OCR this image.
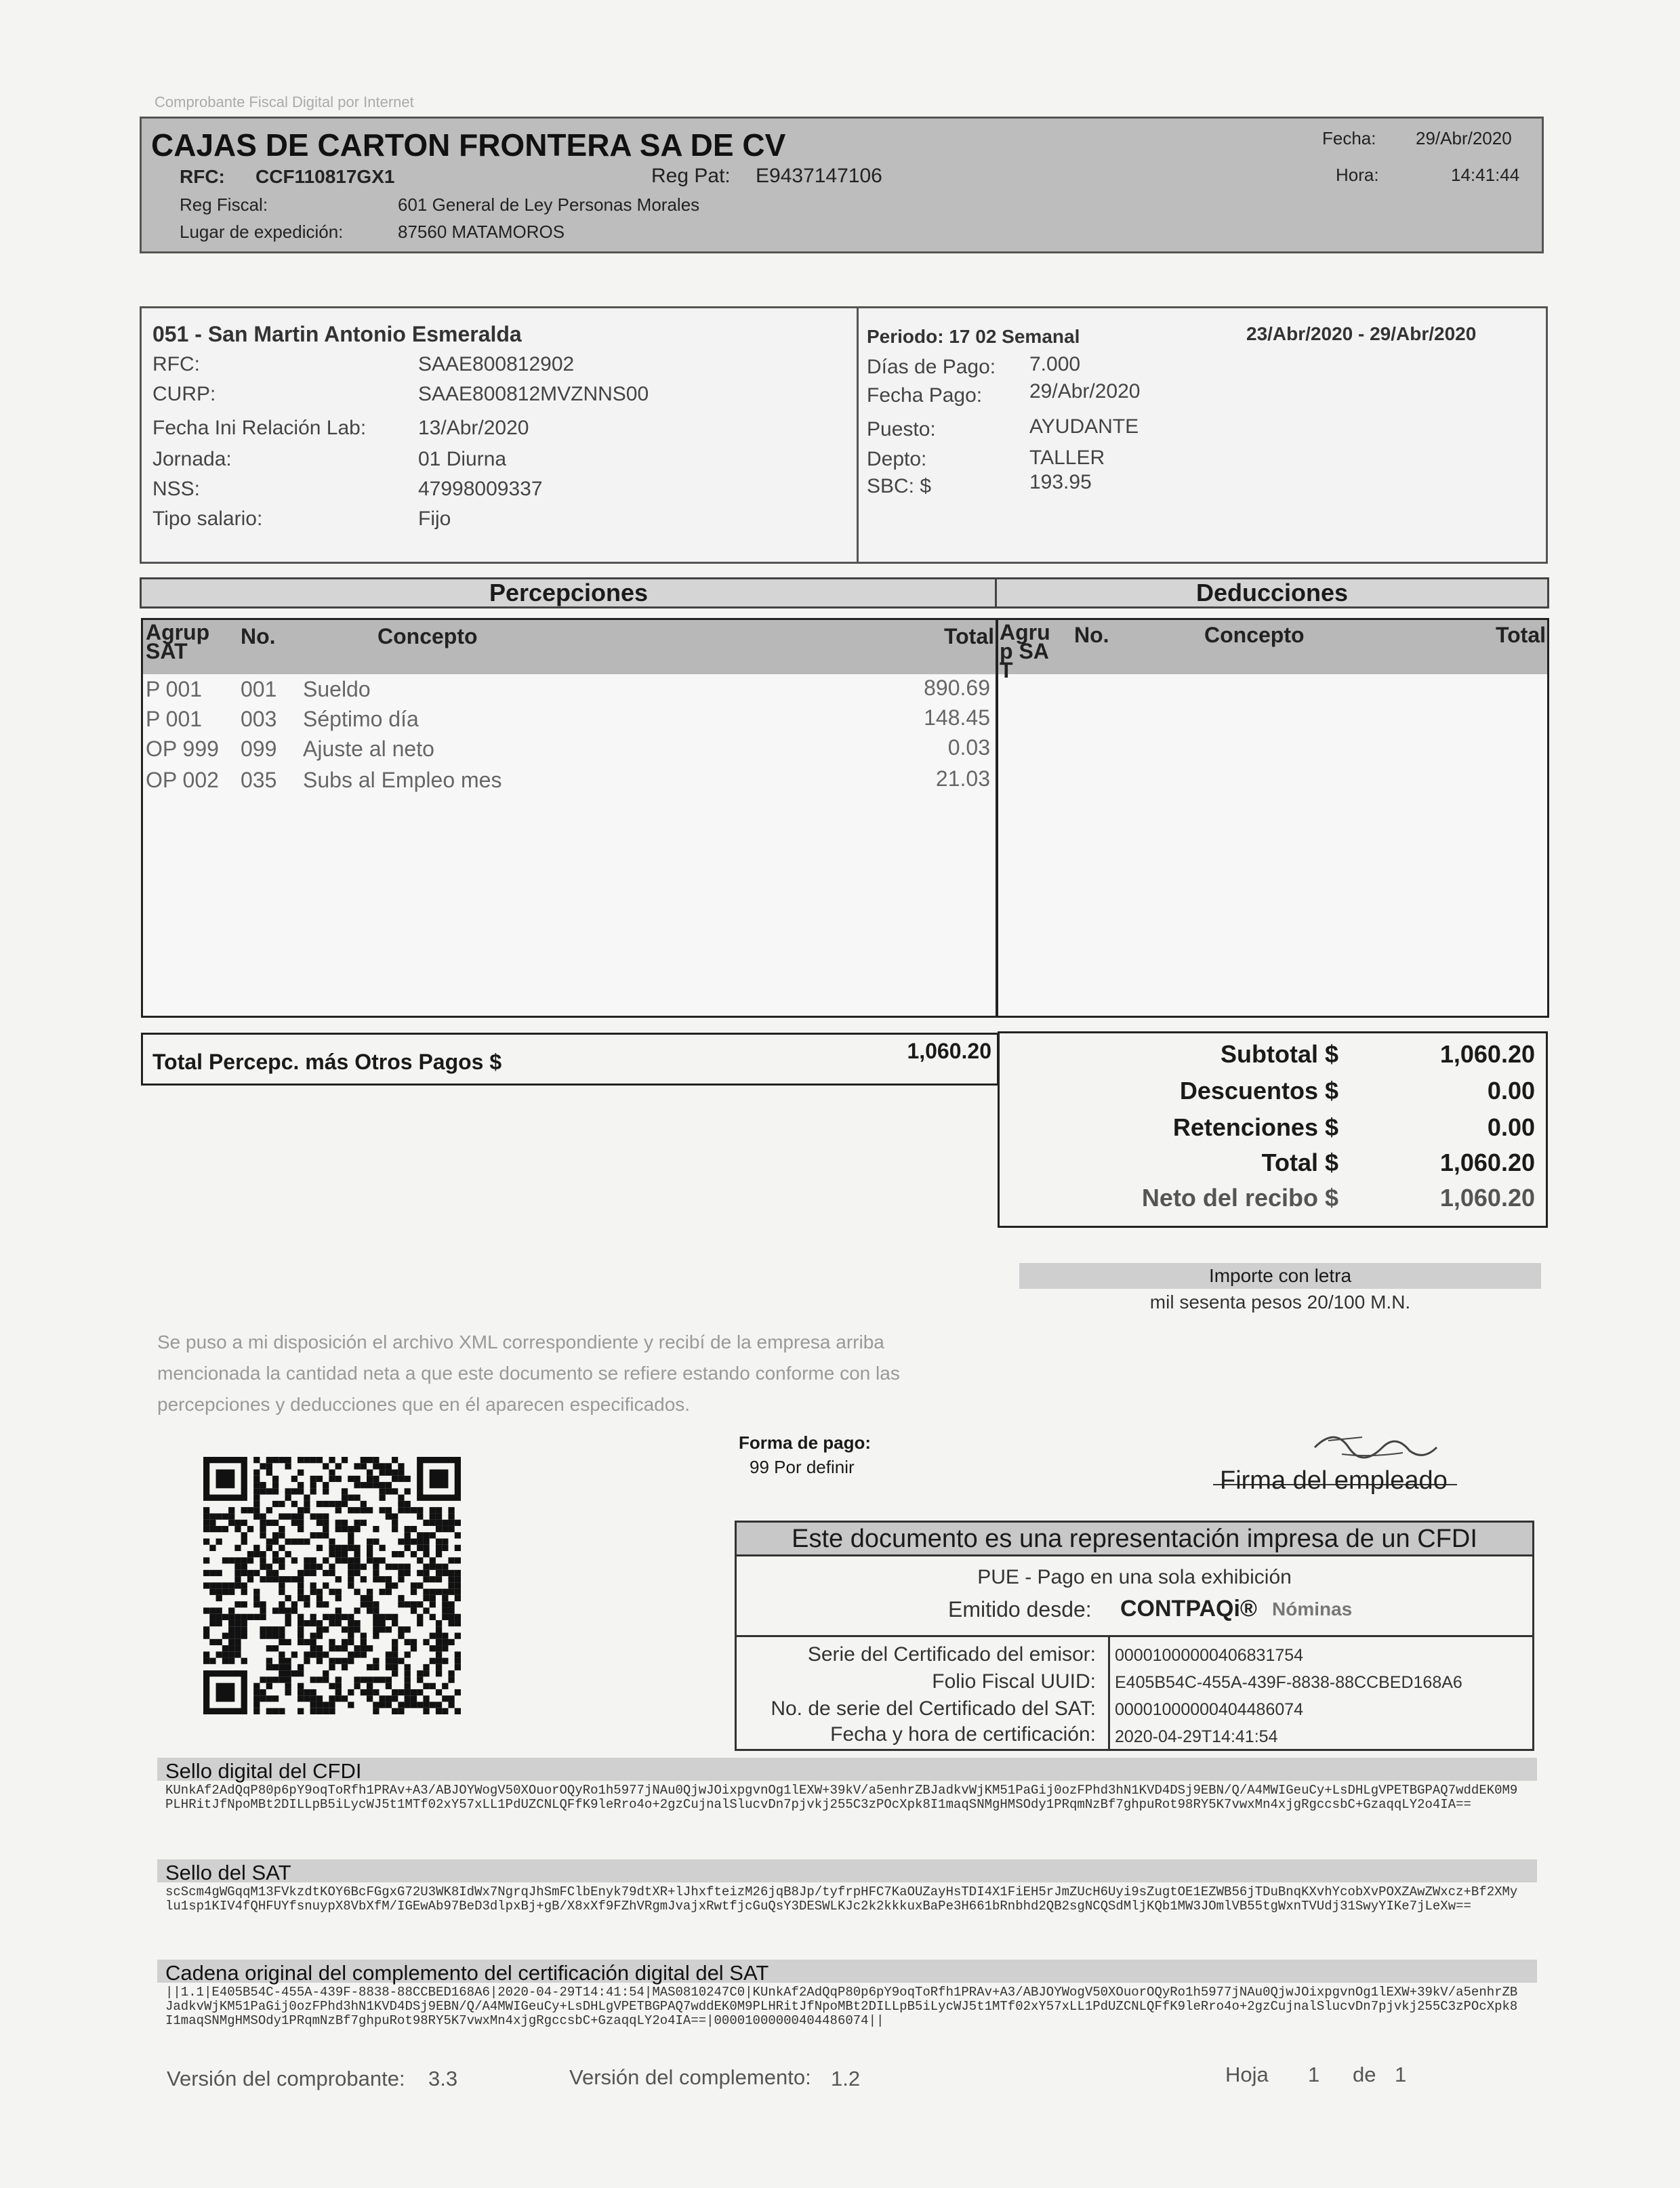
Comprobante Fiscal Digital por Internet
CAJAS DE CARTON FRONTERA SA DE CV
RFC: CCF110817GX1	Reg Pat: E9437147106
Reg Fiscal:	601 General de Ley Personas Morales
Lugar de expedición:	87560 MATAMOROS
Fecha: 29/Abr/2020
Hora:	14:41:44
051 - San Martin Antonio Esmeralda
RFC:	SAAE800812902
CURP:	SAAE800812MVZNNS00
Fecha Ini Relación Lab:	13/Abr/2020
Jornada:	01 Diurna
NSS:	47998009337
Tipo salario:	Fijo
Periodo: 17 02 Semanal	23/Abr/2020 - 29/Abr/2020
Días de Pago: 7.000
Fecha Pago: 29/Abr/2020
Puesto:	AYUDANTE
Depto:	TALLER
SBC: $	193.95
Percepciones	Deducciones
Agrup SAT
No.	Concepto	Total
P 001 001 Sueldo	890.69
P 001 003 Séptimo día	148.45
OP 999 099 Ajuste al neto	0.03
OP 002 035 Subs al Empleo mes	21.03
Agru p SA T
No.	Concepto	Total
Total Percepc. más Otros Pagos $	1,060.20	Subtotal $	1,060.20
Descuentos $	0.00
Retenciones $	0.00
Total $	1,060.20
Neto del recibo $	1,060.20
Importe con letra
mil sesenta pesos 20/100 M.N.
Se puso a mi disposición el archivo XML correspondiente y recibí de la empresa arriba mencionada la cantidad neta a que este documento se refiere estando conforme con las percepciones y deducciones que en él aparecen especificados.
Forma de pago:
99 Por definir	Firma del empleado
Este documento es una representación impresa de un CFDI
PUE - Pago en una sola exhibición
Emitido desde: CONTPAQi® Nóminas
Serie del Certificado del emisor: 00001000000406831754
Folio Fiscal UUID: E405B54C-455A-439F-8838-88CCBED168A6
No. de serie del Certificado del SAT: 00001000000404486074
Fecha y hora de certificación: 2020-04-29T14:41:54
Sello digital del CFDI
KUnkAf2AdQqP80p6pY9oqToRfh1PRAv+A3/ABJOYWogV50XOuorOQyRo1h5977jNAu0QjwJOixpgvnOg1lEXW+39kV/a5enhrZBJadkvWjKM51PaGij0ozFPhd3hN1KVD4DSj9EBN/Q/A4MWIGeuCy+LsDHLgVPETBGPAQ7wddEK0M9PLHRitJfNpoMBt2DILLpB5iLycWJ5t1MTf02xY57xLL1PdUZCNLQFfK9leRro4o+2gzCujnalSlucvDn7pjvkj255C3zPOcXpk8I1maqSNMgHMSOdy1PRqmNzBf7ghpuRot98RY5K7vwxMn4xjgRgccsbC+GzaqqLY2o4IA==
Sello del SAT
scScm4gWGqqM13FVkzdtKOY6BcFGgxG72U3WK8IdWx7NgrqJhSmFClbEnyk79dtXR+lJhxfteizM26jqB8Jp/tyfrpHFC7KaOUZayHsTDI4X1FiEH5rJmZUcH6Uyi9sZugtOE1EZWB56jTDuBnqKXvhYcobXvPOXZAwZWxcz+Bf2XMylu1sp1KIV4fQHFUYfsnuypX8VbXfM/IGEwAb97BeD3dlpxBj+gB/X8xXf9FZhVRgmJvajxRwtfjcGuQsY3DESWLKJc2k2kkkuxBaPe3H661bRnbhd2QB2sgNCQSdMljKQb1MW3JOmlVB55tgWxnTVUdj31SwyYIKe7jLeXw==
Cadena original del complemento del certificación digital del SAT
||1.1|E405B54C-455A-439F-8838-88CCBED168A6|2020-04-29T14:41:54|MAS0810247C0|KUnkAf2AdQqP80p6pY9oqToRfh1PRAv+A3/ABJOYWogV50XOuorOQyRo1h5977jNAu0QjwJOixpgvnOg1lEXW+39kV/a5enhrZBJadkvWjKM51PaGij0ozFPhd3hN1KVD4DSj9EBN/Q/A4MWIGeuCy+LsDHLgVPETBGPAQ7wddEK0M9PLHRitJfNpoMBt2DILLpB5iLycWJ5t1MTf02xY57xLL1PdUZCNLQFfK9leRro4o+2gzCujnalSlucvDn7pjvkj255C3zPOcXpk8I1maqSNMgHMSOdy1PRqmNzBf7ghpuRot98RY5K7vwxMn4xjgRgccsbC+GzaqqLY2o4IA==|00001000000404486074||
Versión del comprobante: 3.3	Versión del complemento: 1.2	Hoja 1 de 1
